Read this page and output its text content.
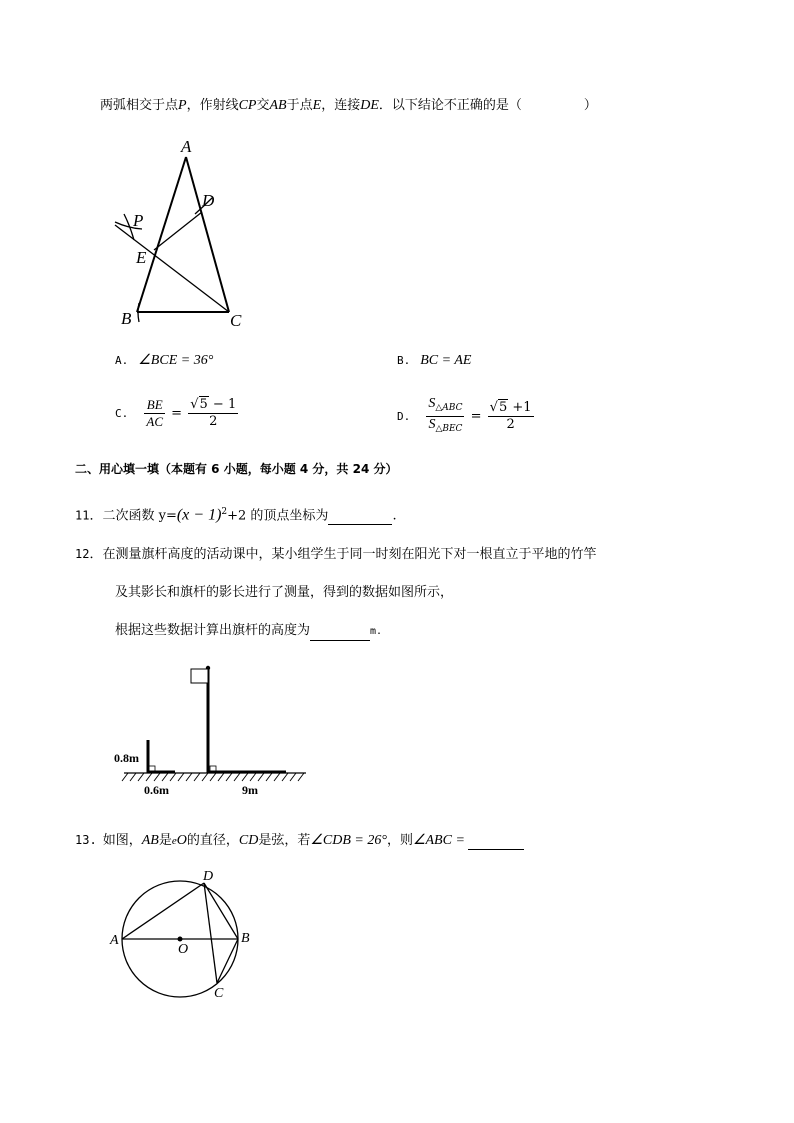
两弧相交于点P，作射线CP交AB于点E，连接DE．以下结论不正确的是（	）
A
B	C
D
E
P
A. ∠BCE = 36°	B. BC = AE
C. $\frac{BE}{AC} = \frac{√5 - 1}{2}$	D. $\frac{S_{\triangle ABC}}{S_{\triangle BEC}} = \frac{√5 +1}{2}$
二、用心填一填（本题有 6 小题，每小题 4 分，共 24 分）
11．二次函数 $y=(x - 1)^2+2$ 的顶点坐标为	.
12．在测量旗杆高度的活动课中，某小组学生于同一时刻在阳光下对一根直立于平地的竹竿
及其影长和旗杆的影长进行了测量，得到的数据如图所示，
根据这些数据计算出旗杆的高度为	m.
0.8m
0.6m	9m
13. 如图，AB是eO的直径，CD是弦，若∠CDB = 26°，则∠ABC =
A	B
C
D
O
